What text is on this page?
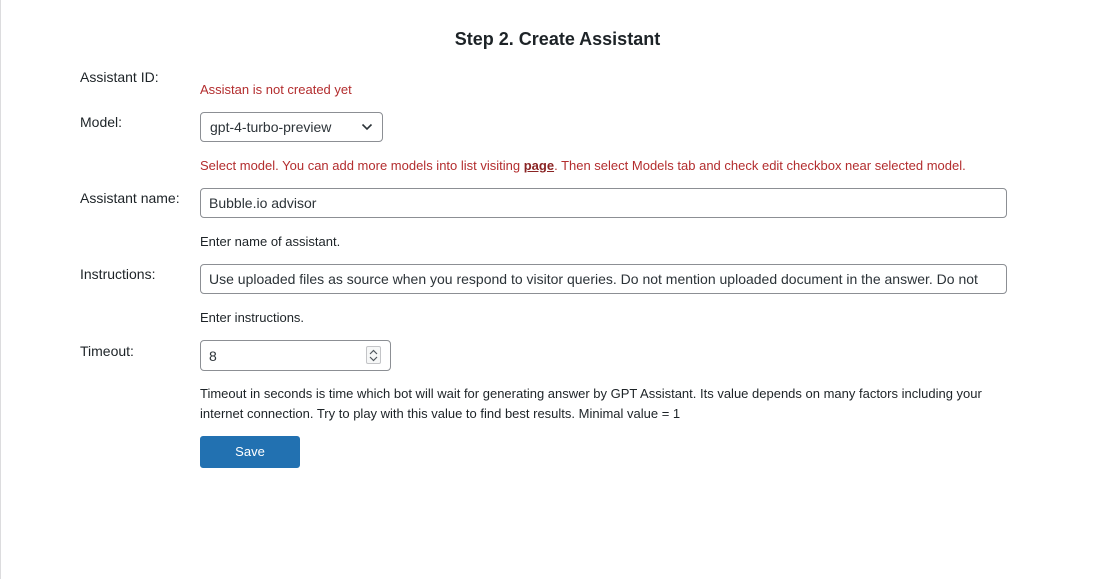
Step 2. Create Assistant
Assistant ID:
Assistan is not created yet
Model:	gpt-4-turbo-preview
Select model. You can add more models into list visiting page. Then select Models tab and check edit checkbox near selected model.
Assistant name:
Bubble.io advisor
Enter name of assistant.
Instructions:
Use uploaded files as source when you respond to visitor queries. Do not mention uploaded document in the answer. Do not
Enter instructions.
Timeout:
8
Timeout in seconds is time which bot will wait for generating answer by GPT Assistant. Its value depends on many factors including your internet connection. Try to play with this value to find best results. Minimal value = 1
Save
